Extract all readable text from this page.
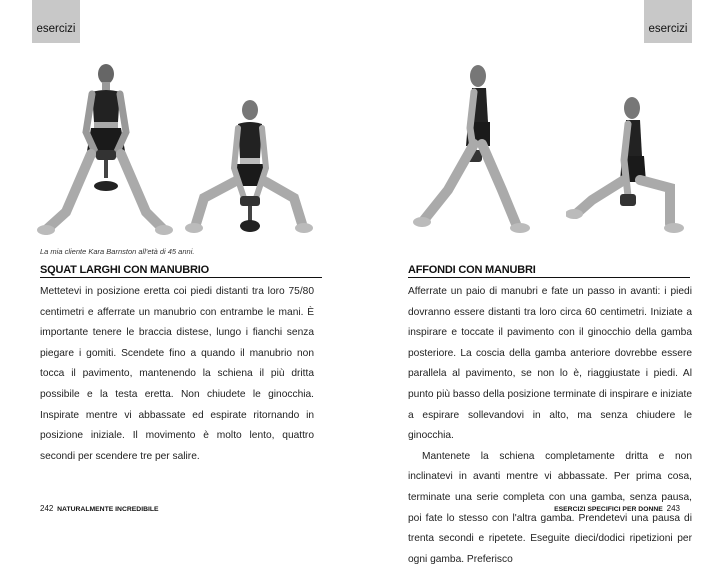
esercizi
La mia cliente Kara Barnston all'età di 45 anni.
SQUAT LARGHI CON MANUBRIO

Mettetevi in posizione eretta coi piedi distanti tra loro 75/80 centimetri e afferrate un manubrio con entrambe le mani. È importante tenere le braccia distese, lungo i fianchi senza piegare i gomiti. Scendete fino a quando il manubrio non tocca il pavimento, mantenendo la schiena il più dritta possibile e la testa eretta. Non chiudete le ginocchia. Inspirate mentre vi abbassate ed espirate ritornando in posizione iniziale. Il movimento è molto lento, quattro secondi per scendere tre per salire.

242 NATURALMENTE INCREDIBILE
esercizi
AFFONDI CON MANUBRI

Afferrate un paio di manubri e fate un passo in avanti: i piedi dovranno essere distanti tra loro circa 60 centimetri. Iniziate a inspirare e toccate il pavimento con il ginocchio della gamba posteriore. La coscia della gamba anteriore dovrebbe essere parallela al pavimento, se non lo è, riaggiustate i piedi. Al punto più basso della posizione terminate di inspirare e iniziate a espirare sollevandovi in alto, ma senza chiudere le ginocchia.

Mantenete la schiena completamente dritta e non inclinatevi in avanti mentre vi abbassate. Per prima cosa, terminate una serie completa con una gamba, senza pausa, poi fate lo stesso con l'altra gamba. Prendetevi una pausa di trenta secondi e ripetete. Eseguite dieci/dodici ripetizioni per ogni gamba. Preferisco

ESERCIZI SPECIFICI PER DONNE 243
